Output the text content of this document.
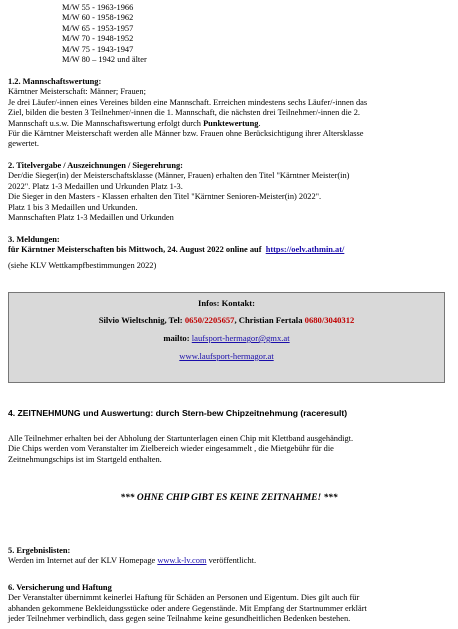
M/W 55 - 1963-1966
M/W 60 - 1958-1962
M/W 65 - 1953-1957
M/W 70 - 1948-1952
M/W 75 - 1943-1947
M/W 80 – 1942 und älter
1.2. Mannschaftswertung:
Kärntner Meisterschaft: Männer; Frauen;
Je drei Läufer/-innen eines Vereines bilden eine Mannschaft. Erreichen mindestens sechs Läufer/-innen das
Ziel, bilden die besten 3 Teilnehmer/-innen die 1. Mannschaft, die nächsten drei Teilnehmer/-innen die 2.
Mannschaft u.s.w. Die Mannschaftswertung erfolgt durch Punktewertung.
Für die Kärntner Meisterschaft werden alle Männer bzw. Frauen ohne Berücksichtigung ihrer Altersklasse
gewertet.
2. Titelvergabe / Auszeichnungen / Siegerehrung:
Der/die Sieger(in) der Meisterschaftsklasse (Männer, Frauen) erhalten den Titel "Kärntner Meister(in)
2022". Platz 1-3 Medaillen und Urkunden Platz 1-3.
Die Sieger in den Masters - Klassen erhalten den Titel "Kärntner Senioren-Meister(in) 2022".
Platz 1 bis 3 Medaillen und Urkunden.
Mannschaften Platz 1-3 Medaillen und Urkunden
3. Meldungen:
für Kärntner Meisterschaften bis Mittwoch, 24. August 2022 online auf https://oelv.athmin.at/
(siehe KLV Wettkampfbestimmungen 2022)
Infos: Kontakt:
Silvio Wieltschnig, Tel: 0650/2205657, Christian Fertala 0680/3040312
mailto: laufsport-hermagor@gmx.at
www.laufsport-hermagor.at
4. ZEITNEHMUNG und Auswertung: durch Stern-bew Chipzeitnehmung (raceresult)
Alle Teilnehmer erhalten bei der Abholung der Startunterlagen einen Chip mit Klettband ausgehändigt.
Die Chips werden vom Veranstalter im Zielbereich wieder eingesammelt , die Mietgebühr für die
Zeitnehmungschips ist im Startgeld enthalten.
*** OHNE CHIP GIBT ES KEINE ZEITNAHME! ***
5. Ergebnislisten:
Werden im Internet auf der KLV Homepage www.k-lv.com veröffentlicht.
6. Versicherung und Haftung
Der Veranstalter übernimmt keinerlei Haftung für Schäden an Personen und Eigentum. Dies gilt auch für
abhanden gekommene Bekleidungsstücke oder andere Gegenstände. Mit Empfang der Startnummer erklärt
jeder Teilnehmer verbindlich, dass gegen seine Teilnahme keine gesundheitlichen Bedenken bestehen.
